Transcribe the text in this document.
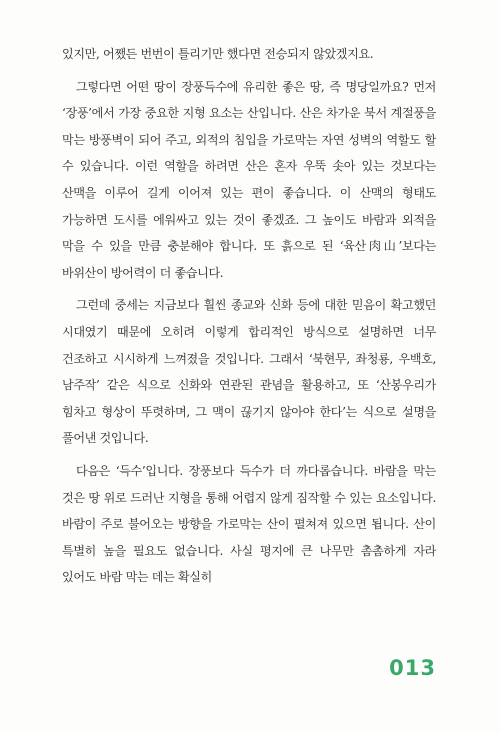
있지만, 어쨌든 번번이 틀리기만 했다면 전승되지 않았겠지요.

그렇다면 어떤 땅이 장풍득수에 유리한 좋은 땅, 즉 명당일까요? 먼저 ‘장풍’에서 가장 중요한 지형 요소는 산입니다. 산은 차가운 북서 계절풍을 막는 방풍벽이 되어 주고, 외적의 침입을 가로막는 자연 성벽의 역할도 할 수 있습니다. 이런 역할을 하려면 산은 혼자 우뚝 솟아 있는 것보다는 산맥을 이루어 길게 이어져 있는 편이 좋습니다. 이 산맥의 형태도 가능하면 도시를 에워싸고 있는 것이 좋겠죠. 그 높이도 바람과 외적을 막을 수 있을 만큼 충분해야 합니다. 또 흙으로 된 ‘육산肉山’보다는 바위산이 방어력이 더 좋습니다.

그런데 중세는 지금보다 훨씬 종교와 신화 등에 대한 믿음이 확고했던 시대였기 때문에 오히려 이렇게 합리적인 방식으로 설명하면 너무 건조하고 시시하게 느껴졌을 것입니다. 그래서 ‘북현무, 좌청룡, 우백호, 남주작’ 같은 식으로 신화와 연관된 관념을 활용하고, 또 ‘산봉우리가 힘차고 형상이 뚜렷하며, 그 맥이 끊기지 않아야 한다’는 식으로 설명을 풀어낸 것입니다.

다음은 ‘득수’입니다. 장풍보다 득수가 더 까다롭습니다. 바람을 막는 것은 땅 위로 드러난 지형을 통해 어렵지 않게 짐작할 수 있는 요소입니다. 바람이 주로 불어오는 방향을 가로막는 산이 펼쳐져 있으면 됩니다. 산이 특별히 높을 필요도 없습니다. 사실 평지에 큰 나무만 촘촘하게 자라 있어도 바람 막는 데는 확실히

013
